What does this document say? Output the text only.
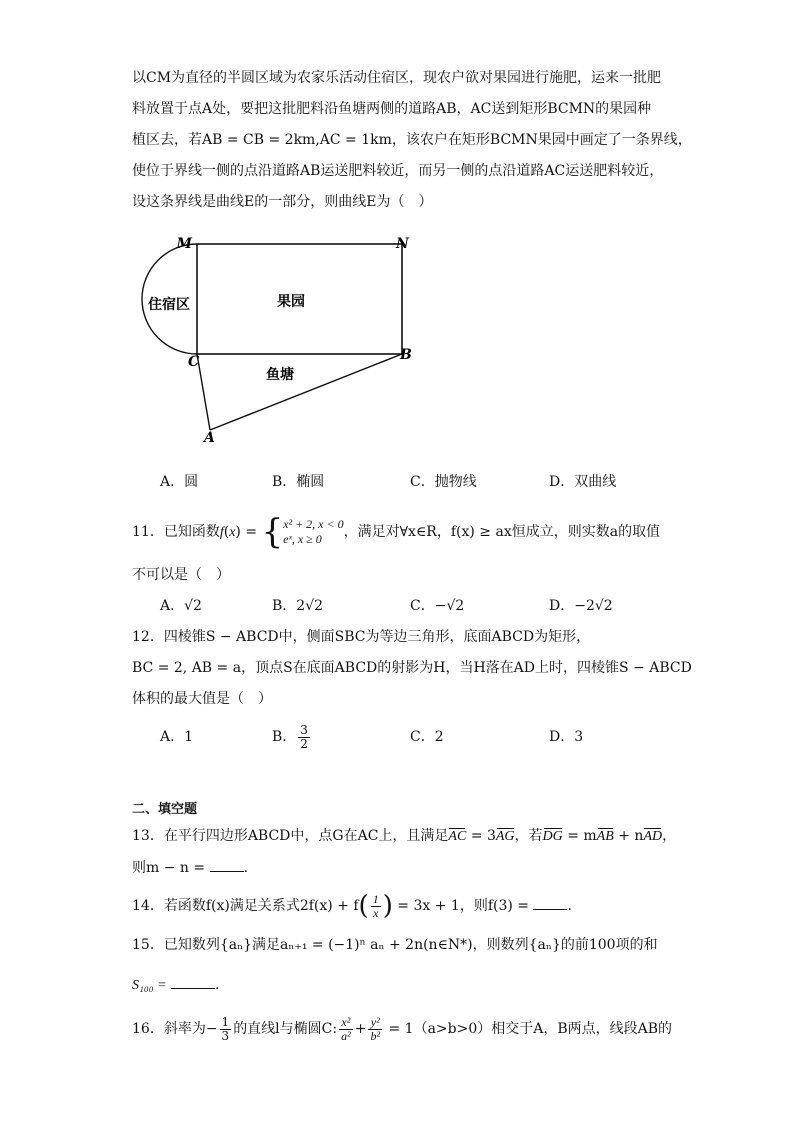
以CM为直径的半圆区域为农家乐活动住宿区，现农户欲对果园进行施肥，运来一批肥
料放置于点A处，要把这批肥料沿鱼塘两侧的道路AB，AC送到矩形BCMN的果园种
植区去，若AB = CB = 2km,AC = 1km，该农户在矩形BCMN果园中画定了一条界线，
使位于界线一侧的点沿道路AB运送肥料较近，而另一侧的点沿道路AC运送肥料较近，
设这条界线是曲线E的一部分，则曲线E为（　）
M	N
C	B
A
住宿区	果园
鱼塘
A．圆	B．椭圆	C．抛物线	D．双曲线
11．已知函数f(x) = { x² + 2, x < 0
eˣ, x ≥ 0	，满足对∀x∈R，f(x) ≥ ax恒成立，则实数a的取值
不可以是（　）
A．√2	B．2√2	C．−√2	D．−2√2
12．四棱锥S − ABCD中，侧面SBC为等边三角形，底面ABCD为矩形，
BC = 2, AB = a，顶点S在底面ABCD的射影为H，当H落在AD上时，四棱锥S − ABCD
体积的最大值是（　）
A．1	B． $\frac{3}{2}$	C．2	D．3
二、填空题
13．在平行四边形ABCD中，点G在AC上，且满足AC = 3AG，若DG = mAB + nAD，
则m − n =	.
14．若函数f(x)满足关系式$2f(x) + f( \frac{1}{x}$ ) = 3x + 1，则f(3) =	.
15．已知数列{aₙ}满足aₙ₊₁ = (−1)ⁿ aₙ + 2n(n∈N*)，则数列{aₙ}的前100项的和
S₁₀₀ =	.
16．斜率为− $\frac{1}{3}$ 的直线l与椭圆C: $\frac{\text{x²}}{\text{a²}} + \frac{\text{y²}}{\text{b²}} = 1(a>b>0)$相交于A，B两点，线段AB的
